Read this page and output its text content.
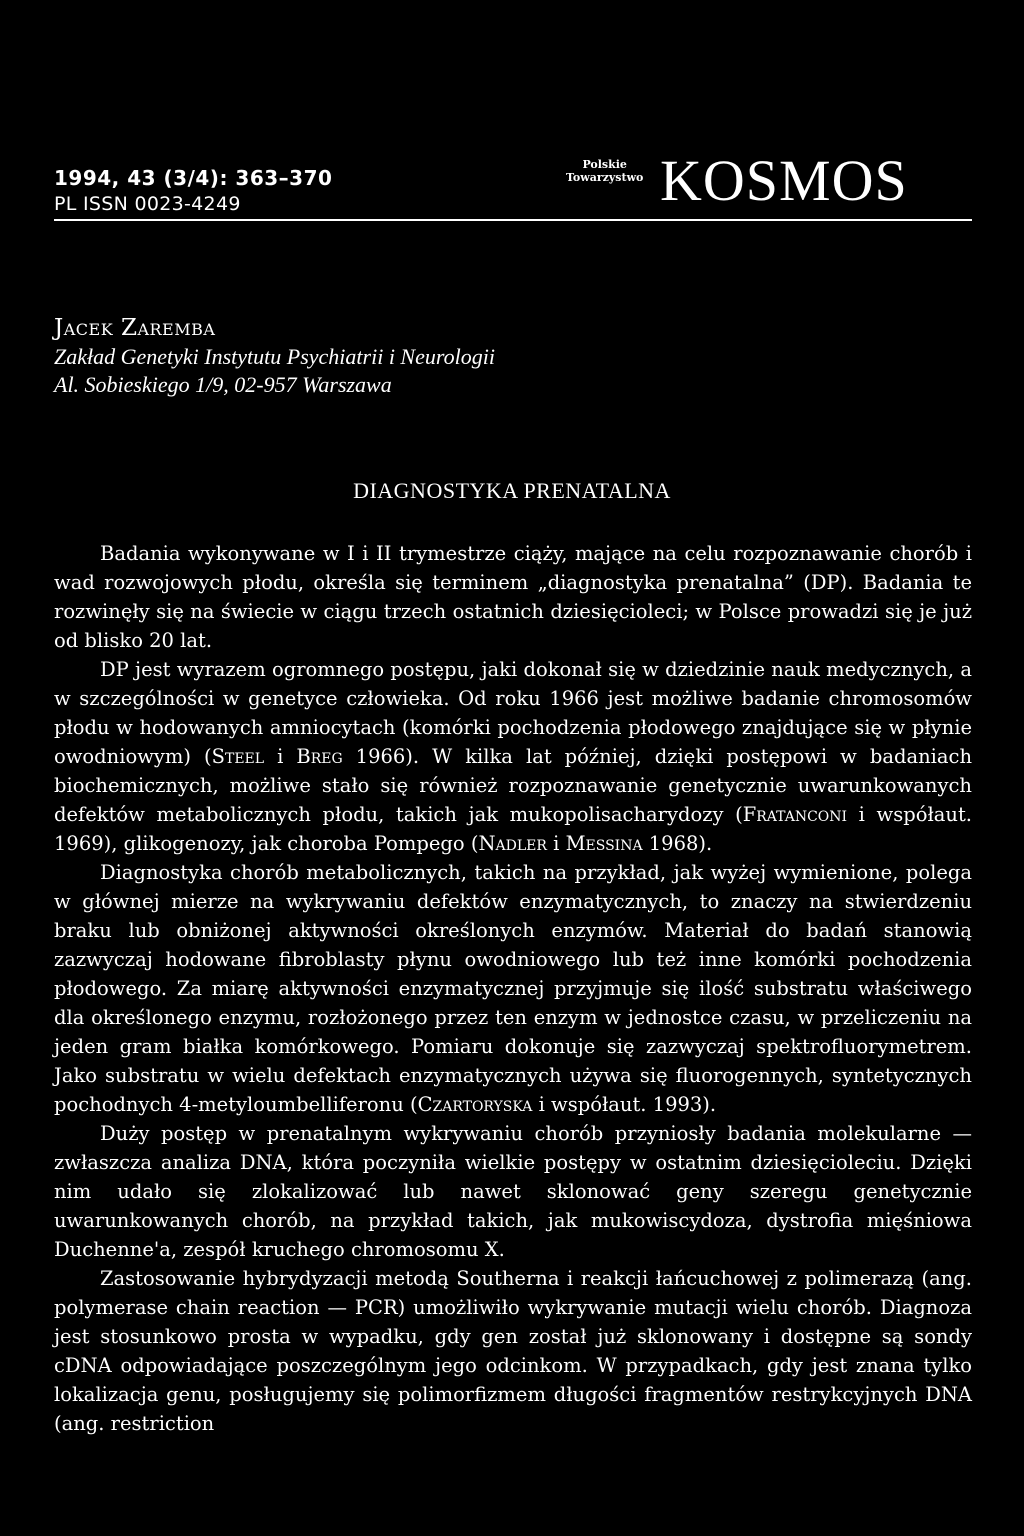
1994, 43 (3/4): 363–370
PL ISSN 0023-4249
Polskie
Towarzystwo KOSMOS
Jacek Zaremba
Zakład Genetyki Instytutu Psychiatrii i Neurologii
Al. Sobieskiego 1/9, 02-957 Warszawa
DIAGNOSTYKA PRENATALNA

Badania wykonywane w I i II trymestrze ciąży, mające na celu rozpoznawanie chorób i wad rozwojowych płodu, określa się terminem „diagnostyka prenatalna” (DP). Badania te rozwinęły się na świecie w ciągu trzech ostatnich dziesięcioleci; w Polsce prowadzi się je już od blisko 20 lat.

DP jest wyrazem ogromnego postępu, jaki dokonał się w dziedzinie nauk medycznych, a w szczególności w genetyce człowieka. Od roku 1966 jest możliwe badanie chromosomów płodu w hodowanych amniocytach (komórki pochodzenia płodowego znajdujące się w płynie owodniowym) (Steel i Breg 1966). W kilka lat później, dzięki postępowi w badaniach biochemicznych, możliwe stało się również rozpoznawanie genetycznie uwarunkowanych defektów metabolicznych płodu, takich jak mukopolisacharydozy (Fratanconi i współaut. 1969), glikogenozy, jak choroba Pompego (Nadler i Messina 1968).

Diagnostyka chorób metabolicznych, takich na przykład, jak wyżej wymienione, polega w głównej mierze na wykrywaniu defektów enzymatycznych, to znaczy na stwierdzeniu braku lub obniżonej aktywności określonych enzymów. Materiał do badań stanowią zazwyczaj hodowane fibroblasty płynu owodniowego lub też inne komórki pochodzenia płodowego. Za miarę aktywności enzymatycznej przyjmuje się ilość substratu właściwego dla określonego enzymu, rozłożonego przez ten enzym w jednostce czasu, w przeliczeniu na jeden gram białka komórkowego. Pomiaru dokonuje się zazwyczaj spektrofluorymetrem. Jako substratu w wielu defektach enzymatycznych używa się fluorogennych, syntetycznych pochodnych 4-metyloumbelliferonu (Czartoryska i współaut. 1993).

Duży postęp w prenatalnym wykrywaniu chorób przyniosły badania molekularne — zwłaszcza analiza DNA, która poczyniła wielkie postępy w ostatnim dziesięcioleciu. Dzięki nim udało się zlokalizować lub nawet sklonować geny szeregu genetycznie uwarunkowanych chorób, na przykład takich, jak mukowiscydoza, dystrofia mięśniowa Duchenne'a, zespół kruchego chromosomu X.

Zastosowanie hybrydyzacji metodą Southerna i reakcji łańcuchowej z polimerazą (ang. polymerase chain reaction — PCR) umożliwiło wykrywanie mutacji wielu chorób. Diagnoza jest stosunkowo prosta w wypadku, gdy gen został już sklonowany i dostępne są sondy cDNA odpowiadające poszczególnym jego odcinkom. W przypadkach, gdy jest znana tylko lokalizacja genu, posługujemy się polimorfizmem długości fragmentów restrykcyjnych DNA (ang. restriction
